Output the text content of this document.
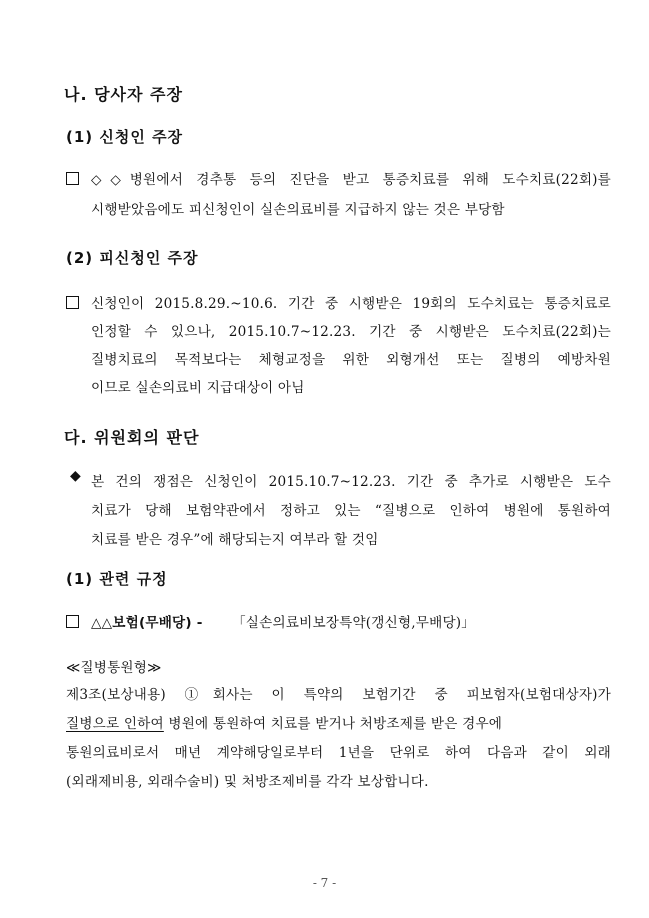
나. 당사자 주장
(1) 신청인 주장
◇◇병원에서 경추통 등의 진단을 받고 통증치료를 위해 도수치료(22회)를
시행받았음에도 피신청인이 실손의료비를 지급하지 않는 것은 부당함
(2) 피신청인 주장
신청인이 2015.8.29.~10.6. 기간 중 시행받은 19회의 도수치료는 통증치료로
인정할 수 있으나, 2015.10.7~12.23. 기간 중 시행받은 도수치료(22회)는
질병치료의 목적보다는 체형교정을 위한 외형개선 또는 질병의 예방차원
이므로 실손의료비 지급대상이 아님
다. 위원회의 판단
◆ 본 건의 쟁점은 신청인이 2015.10.7~12.23. 기간 중 추가로 시행받은 도수
치료가 당해 보험약관에서 정하고 있는 “질병으로 인하여 병원에 통원하여
치료를 받은 경우”에 해당되는지 여부라 할 것임
(1) 관련 규정
△△보험(무배당) - 「실손의료비보장특약(갱신형,무배당)」
≪질병통원형≫
제3조(보상내용) ①회사는 이 특약의 보험기간 중 피보험자(보험대상자)가
질병으로 인하여 병원에 통원하여 치료를 받거나 처방조제를 받은 경우에
통원의료비로서 매년 계약해당일로부터 1년을 단위로 하여 다음과 같이 외래
(외래제비용, 외래수술비) 및 처방조제비를 각각 보상합니다.
- 7 -
